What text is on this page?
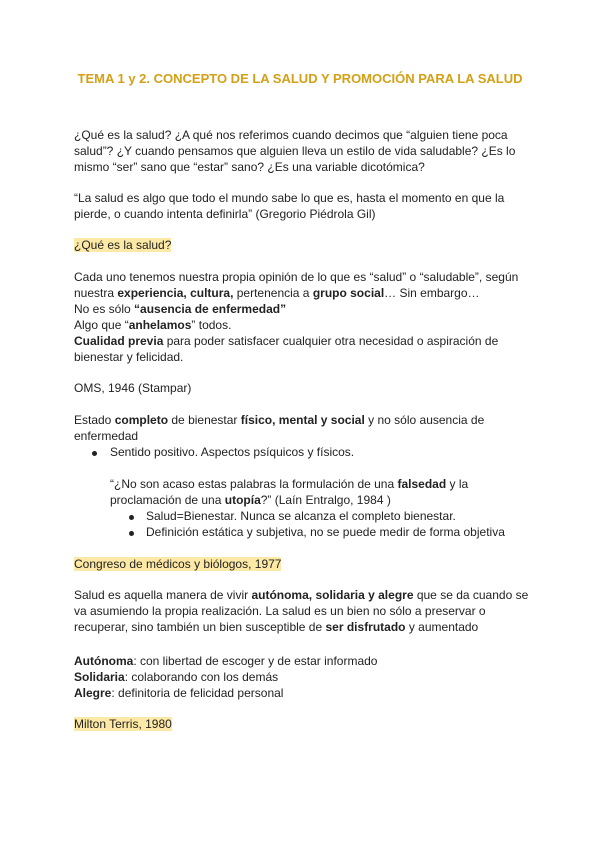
TEMA 1 y 2. CONCEPTO DE LA SALUD Y PROMOCIÓN PARA LA SALUD

¿Qué es la salud? ¿A qué nos referimos cuando decimos que “alguien tiene poca salud”? ¿Y cuando pensamos que alguien lleva un estilo de vida saludable? ¿Es lo mismo “ser” sano que “estar” sano? ¿Es una variable dicotómica?

“La salud es algo que todo el mundo sabe lo que es, hasta el momento en que la pierde, o cuando intenta definirla” (Gregorio Piédrola Gil)

¿Qué es la salud?

Cada uno tenemos nuestra propia opinión de lo que es “salud” o “saludable”, según nuestra experiencia, cultura, pertenencia a grupo social… Sin embargo…

No es sólo “ausencia de enfermedad”

Algo que “anhelamos” todos.

Cualidad previa para poder satisfacer cualquier otra necesidad o aspiración de bienestar y felicidad.

OMS, 1946 (Stampar)

Estado completo de bienestar físico, mental y social y no sólo ausencia de enfermedad

Sentido positivo. Aspectos psíquicos y físicos.

“¿No son acaso estas palabras la formulación de una falsedad y la proclamación de una utopía?” (Laín Entralgo, 1984 )

Salud=Bienestar. Nunca se alcanza el completo bienestar.
Definición estática y subjetiva, no se puede medir de forma objetiva

Congreso de médicos y biólogos, 1977

Salud es aquella manera de vivir autónoma, solidaria y alegre que se da cuando se va asumiendo la propia realización. La salud es un bien no sólo a preservar o recuperar, sino también un bien susceptible de ser disfrutado y aumentado

Autónoma: con libertad de escoger y de estar informado

Solidaria: colaborando con los demás

Alegre: definitoria de felicidad personal

Milton Terris, 1980
